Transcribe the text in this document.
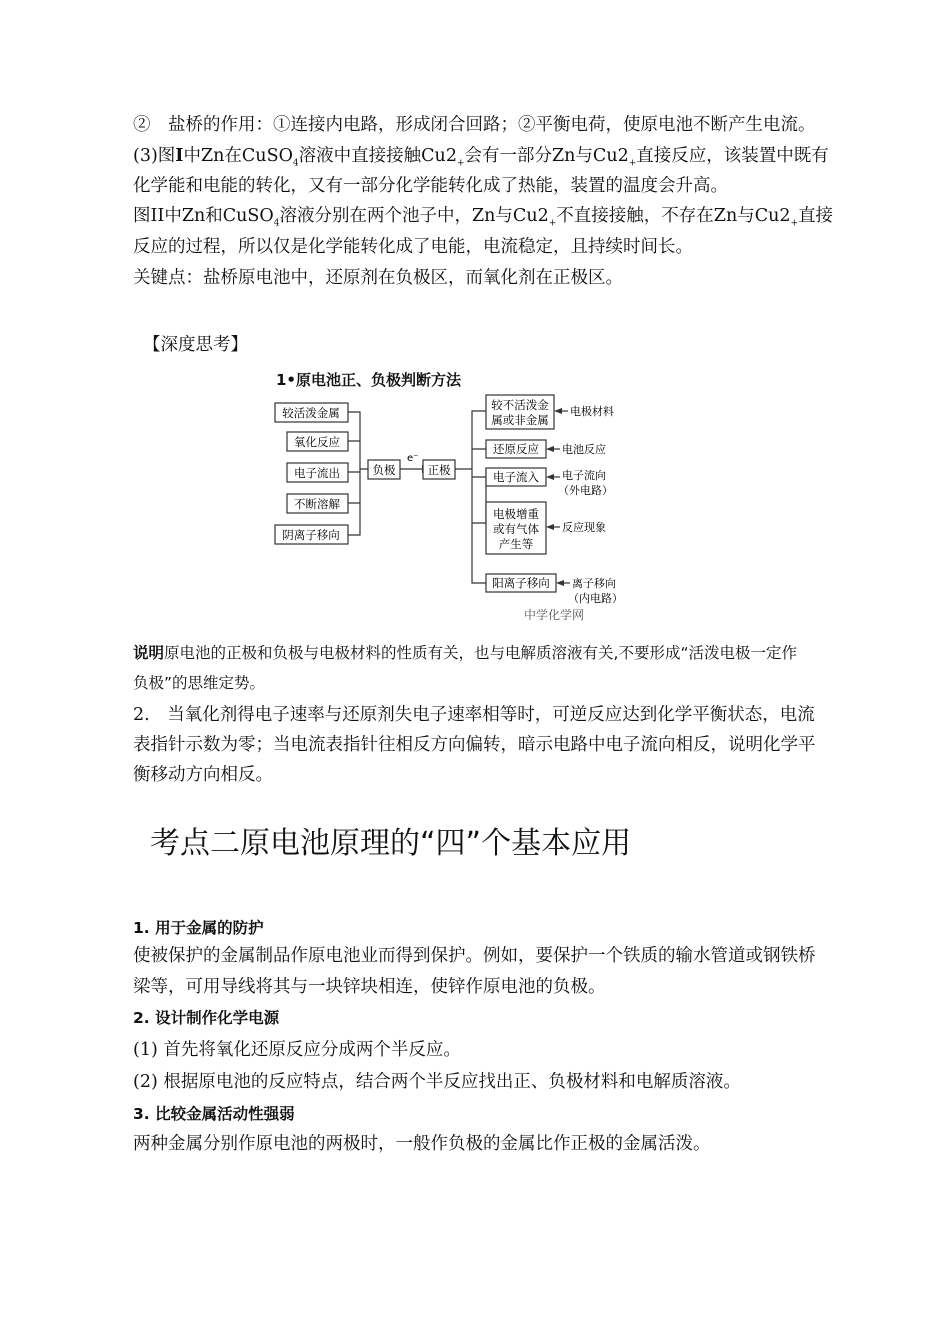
②　盐桥的作用：①连接内电路，形成闭合回路；②平衡电荷，使原电池不断产生电流。
(3)图I中Zn在CuSO$_4$溶液中直接接触$Cu2_+$会有一部分Zn与$Cu2_+$直接反应，该装置中既有
化学能和电能的转化，又有一部分化学能转化成了热能，装置的温度会升高。
图II中Zn和CuSO$_4$溶液分别在两个池子中，Zn与$Cu2_+$不直接接触，不存在Zn与$Cu2_+$直接
反应的过程，所以仅是化学能转化成了电能，电流稳定，且持续时间长。
关键点：盐桥原电池中，还原剂在负极区，而氧化剂在正极区。
【深度思考】
1•原电池正、负极判断方法
较活泼金属
氧化反应
电子流出
不断溶解
阴离子移向
负极
e⁻
正极
较不活泼金
属或非金属
还原反应
电子流入
电极增重
或有气体
产生等
阳离子移向
电极材料
电池反应
电子流向
（外电路）
反应现象
离子移向
（内电路）
中学化学网
说明原电池的正极和负极与电极材料的性质有关，也与电解质溶液有关,不要形成“活泼电极一定作
负极”的思维定势。
2.　当氧化剂得电子速率与还原剂失电子速率相等时，可逆反应达到化学平衡状态，电流
表指针示数为零；当电流表指针往相反方向偏转，暗示电路中电子流向相反，说明化学平
衡移动方向相反。
考点二原电池原理的“四”个基本应用
1. 用于金属的防护
使被保护的金属制品作原电池业而得到保护。例如，要保护一个铁质的输水管道或钢铁桥
梁等，可用导线将其与一块锌块相连，使锌作原电池的负极。
2. 设计制作化学电源
(1) 首先将氧化还原反应分成两个半反应。
(2) 根据原电池的反应特点，结合两个半反应找出正、负极材料和电解质溶液。
3. 比较金属活动性强弱
两种金属分别作原电池的两极时，一般作负极的金属比作正极的金属活泼。
